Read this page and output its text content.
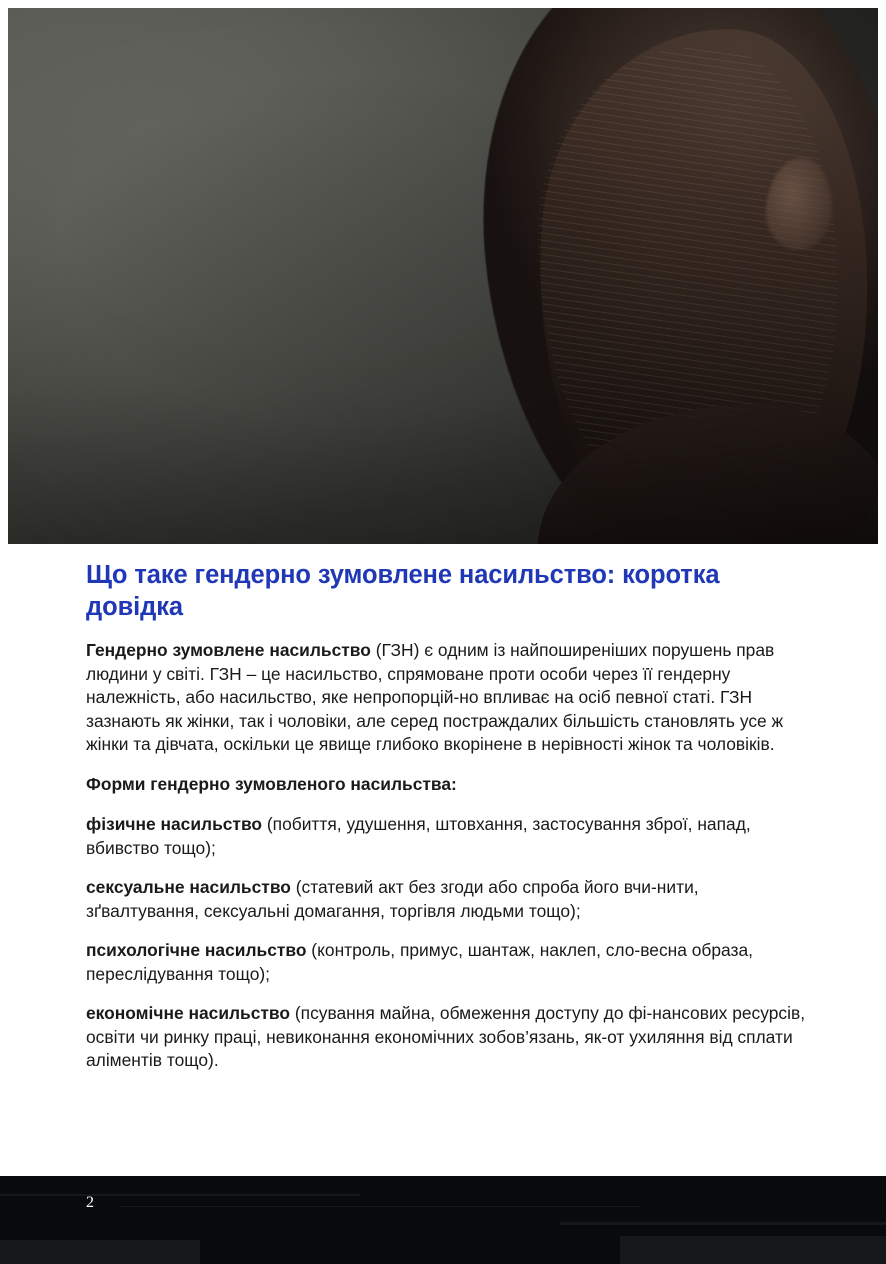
Що таке гендерно зумовлене насильство: коротка довідка

Гендерно зумовлене насильство (ГЗН) є одним із найпоширеніших порушень прав людини у світі. ГЗН – це насильство, спрямоване проти особи через її гендерну належність, або насильство, яке непропорцій-но впливає на осіб певної статі. ГЗН зазнають як жінки, так і чоловіки, але серед постраждалих більшість становлять усе ж жінки та дівчата, оскільки це явище глибоко вкорінене в нерівності жінок та чоловіків.

Форми гендерно зумовленого насильства:

фізичне насильство (побиття, удушення, штовхання, застосування зброї, напад, вбивство тощо);

сексуальне насильство (статевий акт без згоди або спроба його вчи-нити, зґвалтування, сексуальні домагання, торгівля людьми тощо);

психологічне насильство (контроль, примус, шантаж, наклеп, сло-весна образа, переслідування тощо);

економічне насильство (псування майна, обмеження доступу до фі-нансових ресурсів, освіти чи ринку праці, невиконання економічних зобов’язань, як-от ухиляння від сплати аліментів тощо).

2
